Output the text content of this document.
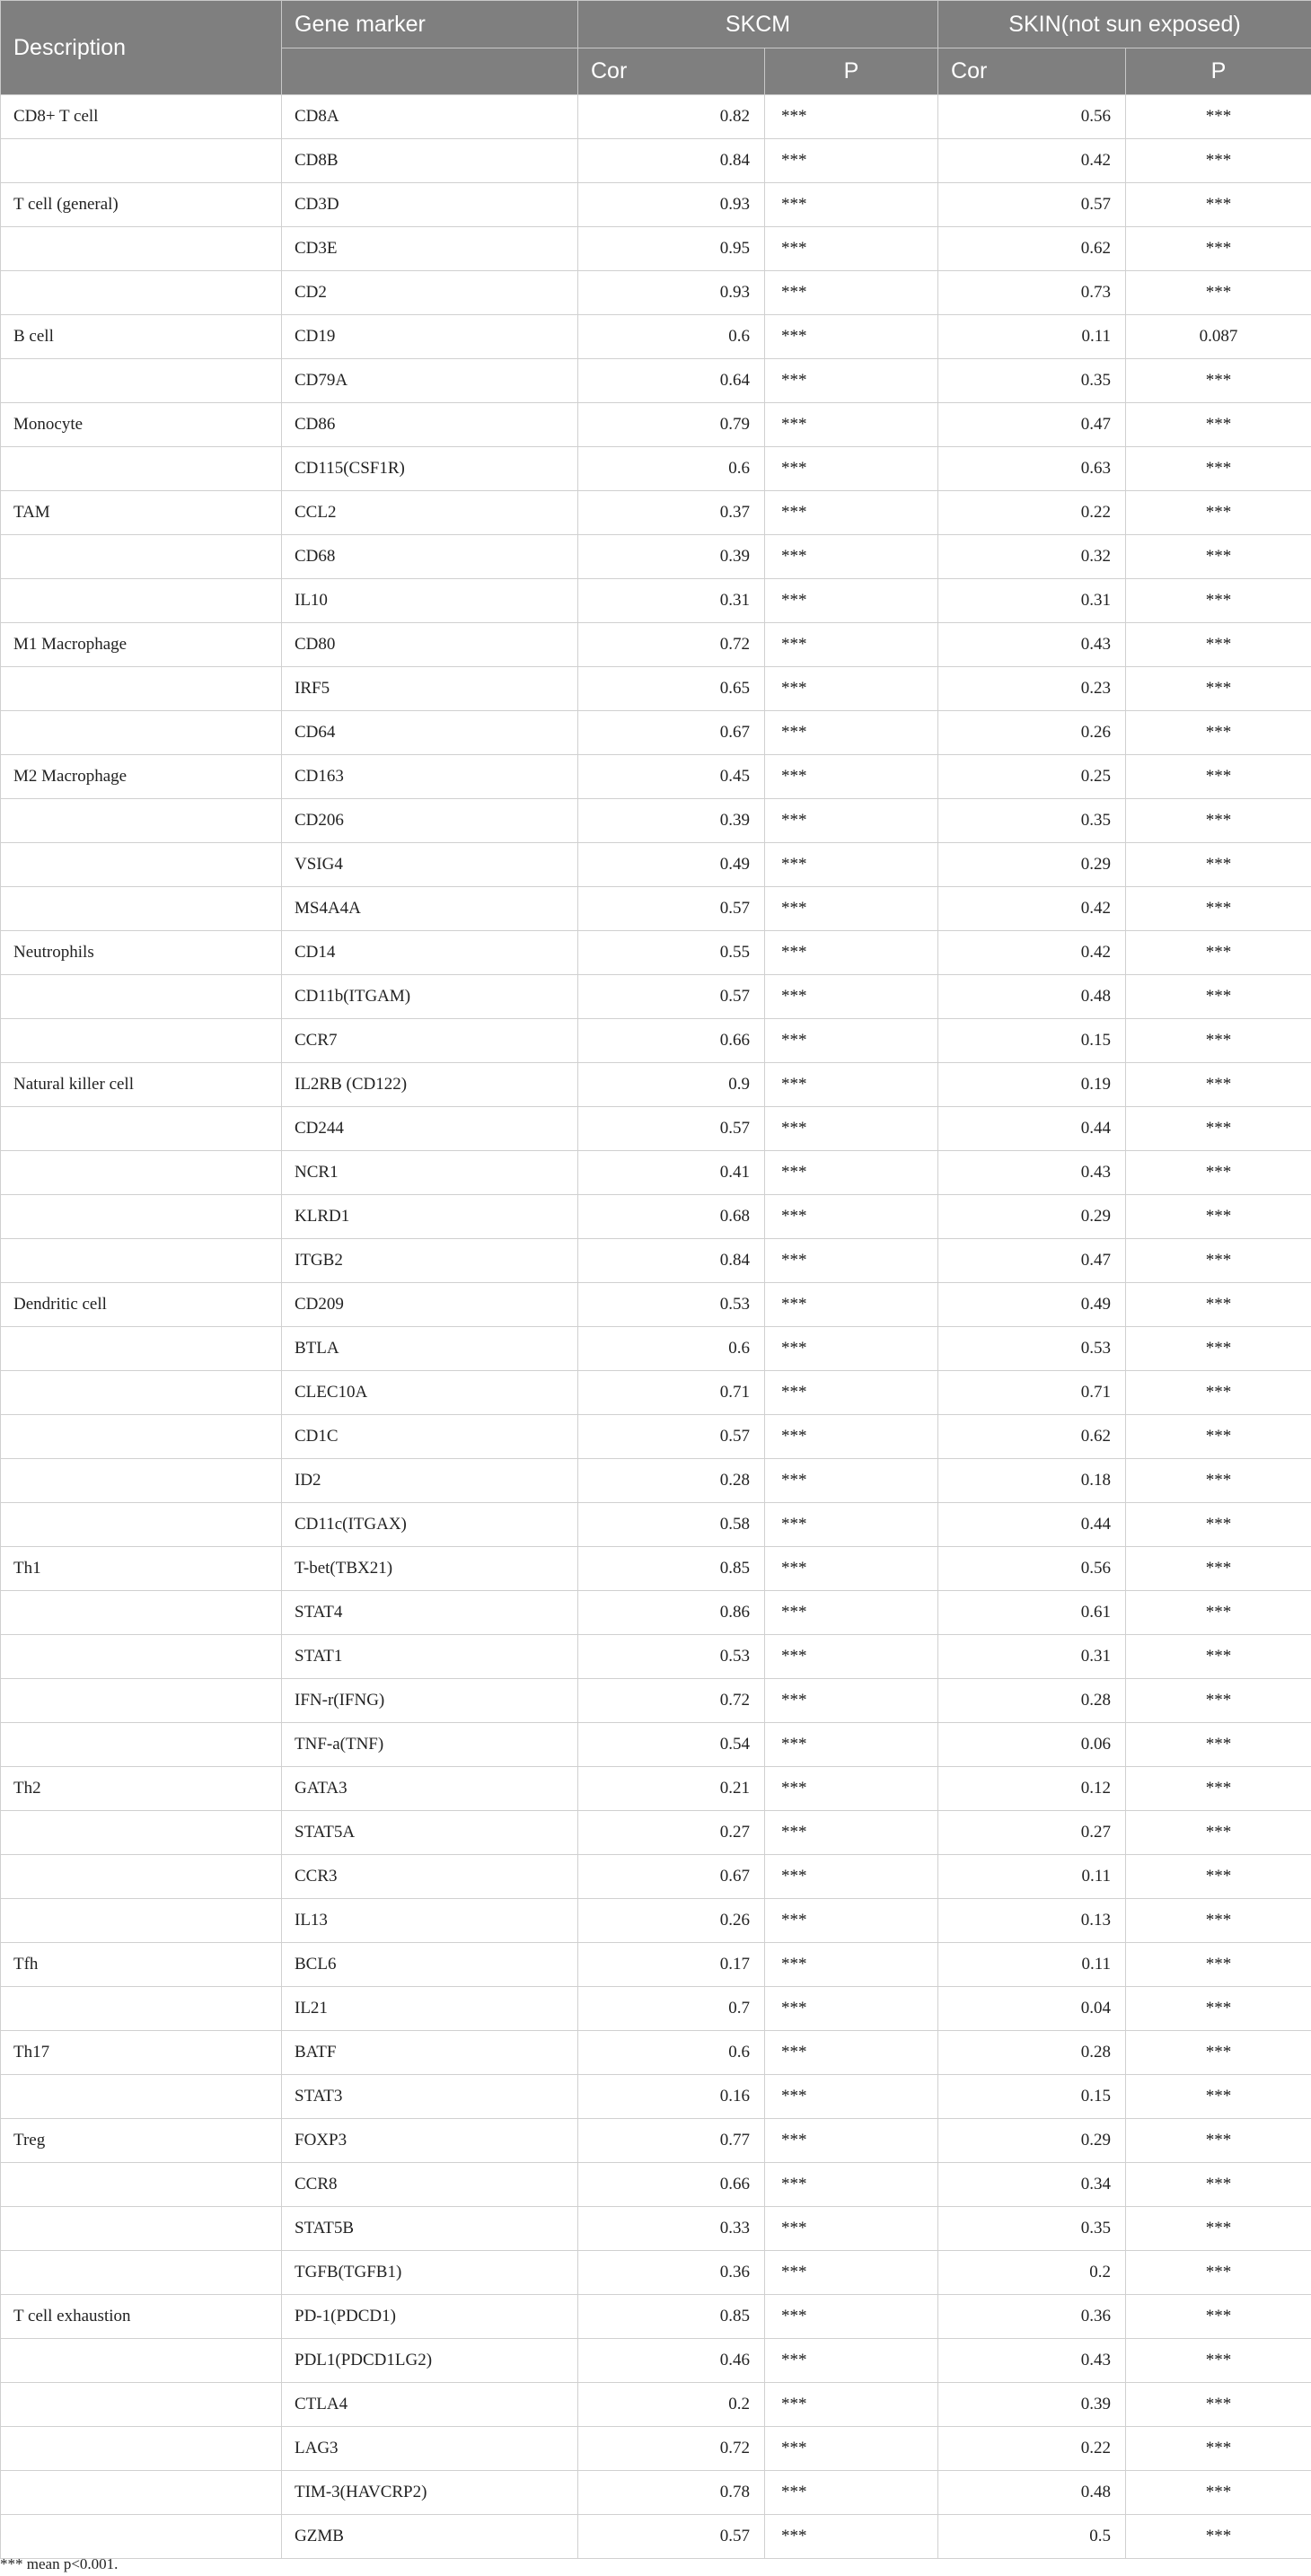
Description	Gene marker	SKCM		SKIN(not sun exposed)	
		Cor	P	Cor	P
CD8+ T cell	CD8A	0.82	***	0.56	***
	CD8B	0.84	***	0.42	***
T cell (general)	CD3D	0.93	***	0.57	***
	CD3E	0.95	***	0.62	***
	CD2	0.93	***	0.73	***
B cell	CD19	0.6	***	0.11	0.087
	CD79A	0.64	***	0.35	***
Monocyte	CD86	0.79	***	0.47	***
	CD115(CSF1R)	0.6	***	0.63	***
TAM	CCL2	0.37	***	0.22	***
	CD68	0.39	***	0.32	***
	IL10	0.31	***	0.31	***
M1 Macrophage	CD80	0.72	***	0.43	***
	IRF5	0.65	***	0.23	***
	CD64	0.67	***	0.26	***
M2 Macrophage	CD163	0.45	***	0.25	***
	CD206	0.39	***	0.35	***
	VSIG4	0.49	***	0.29	***
	MS4A4A	0.57	***	0.42	***
Neutrophils	CD14	0.55	***	0.42	***
	CD11b(ITGAM)	0.57	***	0.48	***
	CCR7	0.66	***	0.15	***
Natural killer cell	IL2RB (CD122)	0.9	***	0.19	***
	CD244	0.57	***	0.44	***
	NCR1	0.41	***	0.43	***
	KLRD1	0.68	***	0.29	***
	ITGB2	0.84	***	0.47	***
Dendritic cell	CD209	0.53	***	0.49	***
	BTLA	0.6	***	0.53	***
	CLEC10A	0.71	***	0.71	***
	CD1C	0.57	***	0.62	***
	ID2	0.28	***	0.18	***
	CD11c(ITGAX)	0.58	***	0.44	***
Th1	T-bet(TBX21)	0.85	***	0.56	***
	STAT4	0.86	***	0.61	***
	STAT1	0.53	***	0.31	***
	IFN-r(IFNG)	0.72	***	0.28	***
	TNF-a(TNF)	0.54	***	0.06	***
Th2	GATA3	0.21	***	0.12	***
	STAT5A	0.27	***	0.27	***
	CCR3	0.67	***	0.11	***
	IL13	0.26	***	0.13	***
Tfh	BCL6	0.17	***	0.11	***
	IL21	0.7	***	0.04	***
Th17	BATF	0.6	***	0.28	***
	STAT3	0.16	***	0.15	***
Treg	FOXP3	0.77	***	0.29	***
	CCR8	0.66	***	0.34	***
	STAT5B	0.33	***	0.35	***
	TGFB(TGFB1)	0.36	***	0.2	***
T cell exhaustion	PD-1(PDCD1)	0.85	***	0.36	***
	PDL1(PDCD1LG2)	0.46	***	0.43	***
	CTLA4	0.2	***	0.39	***
	LAG3	0.72	***	0.22	***
	TIM-3(HAVCRP2)	0.78	***	0.48	***
	GZMB	0.57	***	0.5	***
*** mean p<0.001.
